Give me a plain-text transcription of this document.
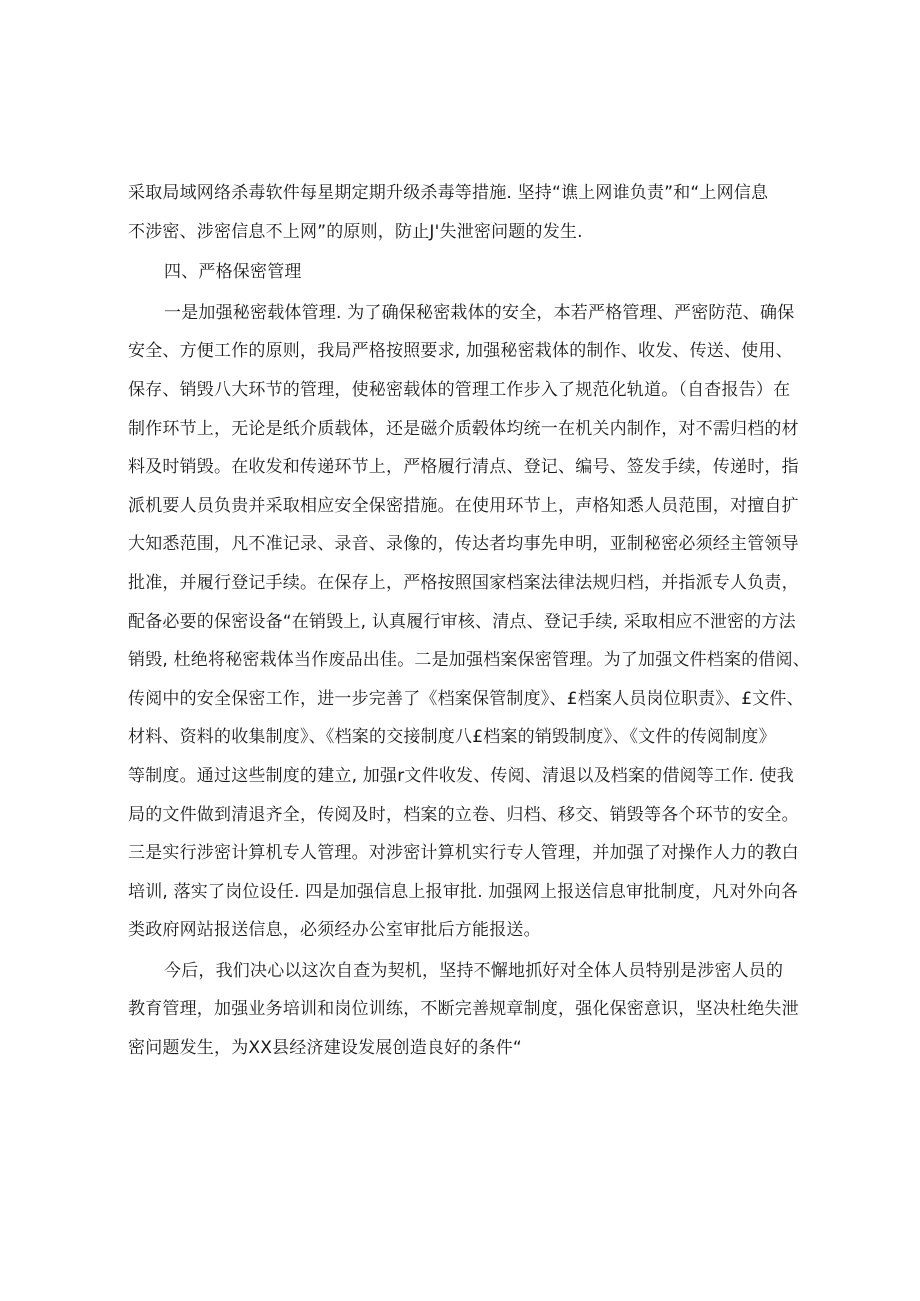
采取局域网络杀毒软件每星期定期升级杀毒等措施. 坚持“谯上网谁负责”和“上网信息
不涉密、涉密信息不上网”的原则，防止J'失泄密问题的发生.
四、严格保密管理
一是加强秘密载体管理. 为了确保秘密栽体的安全，本若严格管理、严密防范、确保
安全、方便工作的原则，我局严格按照要求, 加强秘密栽体的制作、收发、传送、使用、
保存、销毁八大环节的管理，使秘密载体的管理工作步入了规范化轨道。（自杳报告）在
制作环节上，无论是纸介质载体，还是磁介质毂体均统一在机关内制作，对不需归档的材
料及时销毁。在收发和传递环节上，严格履行清点、登记、编号、签发手续，传递时，指
派机要人员负贵并采取相应安全保密措施。在使用环节上，声格知悉人员范围，对擅自扩
大知悉范围，凡不准记录、录音、录像的，传达者均事先申明，亚制秘密必须经主管领导
批准，并履行登记手续。在保存上，严格按照国家档案法律法规归档，并指派专人负责，
配备必要的保密设备“在销毁上, 认真履行审核、清点、登记手续, 采取相应不泄密的方法
销毁, 杜绝将秘密栽体当作废品出佳。二是加强档案保密管理。为了加强文件档案的借阅、
传阅中的安全保密工作，进一步完善了《档案保管制度》、£档案人员岗位职责》、£文件、
材料、资料的收集制度》、《档案的交接制度八£档案的销毁制度》、《文件的传阅制度》
等制度。通过这些制度的建立, 加强r文件收发、传阅、清退以及档案的借阅等工作. 使我
局的文件做到清退齐全，传阅及时，档案的立卷、归档、移交、销毁等各个环节的安全。
三是实行涉密计算机专人管理。对涉密计算机实行专人管理，并加强了对操作人力的教白
培训, 落实了岗位设任. 四是加强信息上报审批. 加强网上报送信息审批制度，凡对外向各
类政府网站报送信息，必须经办公室审批后方能报送。
今后，我们决心以这次自查为契机，坚持不懈地抓好对全体人员特别是涉密人员的
教育管理，加强业务培训和岗位训练，不断完善规章制度，强化保密意识，坚决杜绝失泄
密问题发生，为XX县经济建设发展创造良好的条件“
